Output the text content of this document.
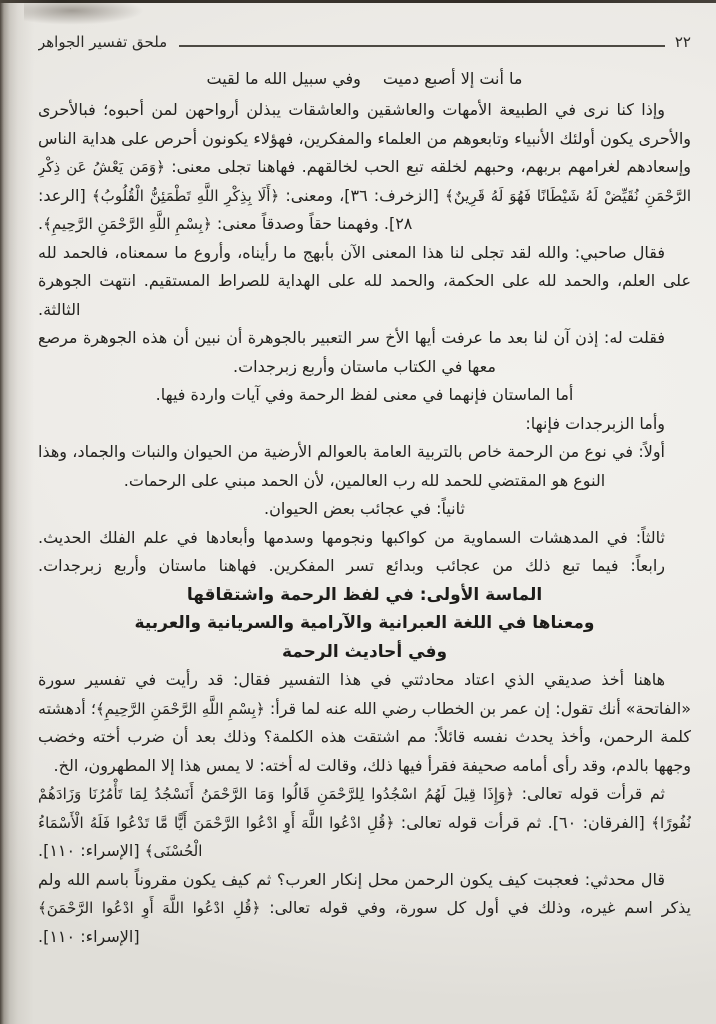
٢٢
ملحق تفسير الجواهر
ما أنت إلا أصبع دميت
وفي سبيل الله ما لقيت

وإذا كنا نرى في الطبيعة الأمهات والعاشقين والعاشقات يبذلن أرواحهن لمن أحبوه؛ فبالأحرى والأحرى يكون أولئك الأنبياء وتابعوهم من العلماء والمفكرين، فهؤلاء يكونون أحرص على هداية الناس وإسعادهم لغرامهم بربهم، وحبهم لخلقه تبع الحب لخالقهم. فهاهنا تجلى معنى: ﴿وَمَن يَعْشُ عَن ذِكْرِ الرَّحْمَنِ نُقَيِّضْ لَهُ شَيْطَانًا فَهُوَ لَهُ قَرِينٌ﴾ [الزخرف: ٣٦]، ومعنى: ﴿أَلَا بِذِكْرِ اللَّهِ تَطْمَئِنُّ الْقُلُوبُ﴾ [الرعد: ٢٨]. وفهمنا حقاً وصدقاً معنى: ﴿بِسْمِ اللَّهِ الرَّحْمَنِ الرَّحِيمِ﴾.

فقال صاحبي: والله لقد تجلى لنا هذا المعنى الآن بأبهج ما رأيناه، وأروع ما سمعناه، فالحمد لله على العلم، والحمد لله على الحكمة، والحمد لله على الهداية للصراط المستقيم. انتهت الجوهرة الثالثة.

فقلت له: إذن آن لنا بعد ما عرفت أيها الأخ سر التعبير بالجوهرة أن نبين أن هذه الجوهرة مرصع معها في الكتاب ماستان وأربع زبرجدات.

أما الماستان فإنهما في معنى لفظ الرحمة وفي آيات واردة فيها.

وأما الزبرجدات فإنها:

أولاً: في نوع من الرحمة خاص بالتربية العامة بالعوالم الأرضية من الحيوان والنبات والجماد، وهذا النوع هو المقتضي للحمد لله رب العالمين، لأن الحمد مبني على الرحمات.

ثانياً: في عجائب بعض الحيوان.

ثالثاً: في المدهشات السماوية من كواكبها ونجومها وسدمها وأبعادها في علم الفلك الحديث.

رابعاً: فيما تبع ذلك من عجائب وبدائع تسر المفكرين. فهاهنا ماستان وأربع زبرجدات.

الماسة الأولى: في لفظ الرحمة واشتقاقها

ومعناها في اللغة العبرانية والآرامية والسريانية والعربية

وفي أحاديث الرحمة

هاهنا أخذ صديقي الذي اعتاد محادثتي في هذا التفسير فقال: قد رأيت في تفسير سورة «الفاتحة» أنك تقول: إن عمر بن الخطاب رضي الله عنه لما قرأ: ﴿بِسْمِ اللَّهِ الرَّحْمَنِ الرَّحِيمِ﴾؛ أدهشته كلمة الرحمن، وأخذ يحدث نفسه قائلاً: مم اشتقت هذه الكلمة؟ وذلك بعد أن ضرب أخته وخضب وجهها بالدم، وقد رأى أمامه صحيفة فقرأ فيها ذلك، وقالت له أخته: لا يمس هذا إلا المطهرون، الخ.

ثم قرأت قوله تعالى: ﴿وَإِذَا قِيلَ لَهُمُ اسْجُدُوا لِلرَّحْمَنِ قَالُوا وَمَا الرَّحْمَنُ أَنَسْجُدُ لِمَا تَأْمُرُنَا وَزَادَهُمْ نُفُورًا﴾ [الفرقان: ٦٠]. ثم قرأت قوله تعالى: ﴿قُلِ ادْعُوا اللَّهَ أَوِ ادْعُوا الرَّحْمَنَ أَيًّا مَّا تَدْعُوا فَلَهُ الْأَسْمَاءُ الْحُسْنَى﴾ [الإسراء: ١١٠].

قال محدثي: فعجبت كيف يكون الرحمن محل إنكار العرب؟ ثم كيف يكون مقروناً باسم الله ولم يذكر اسم غيره، وذلك في أول كل سورة، وفي قوله تعالى: ﴿قُلِ ادْعُوا اللَّهَ أَوِ ادْعُوا الرَّحْمَنَ﴾ [الإسراء: ١١٠].
